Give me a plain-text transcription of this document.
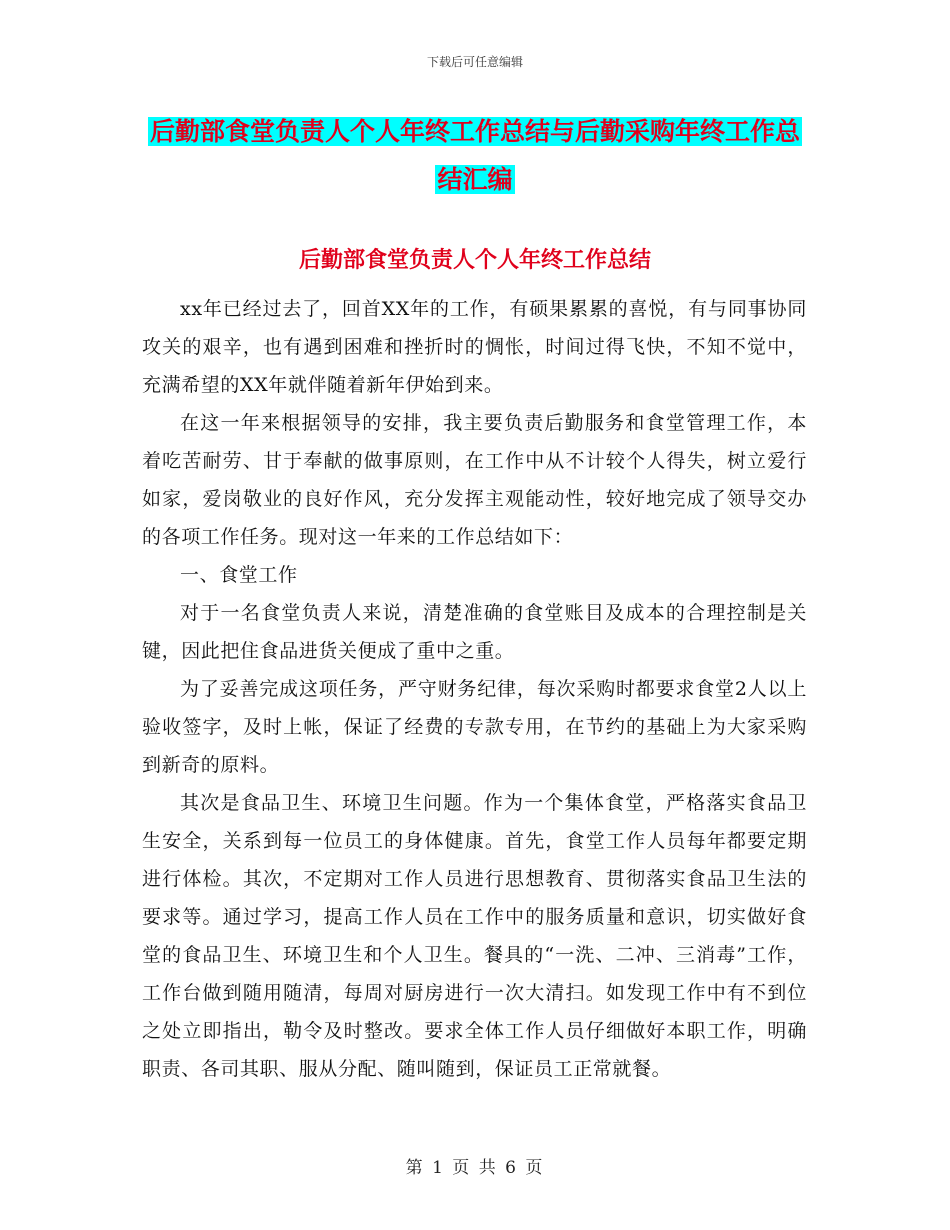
下载后可任意编辑
后勤部食堂负责人个人年终工作总结与后勤采购年终工作总结汇编
后勤部食堂负责人个人年终工作总结

xx年已经过去了，回首XX年的工作，有硕果累累的喜悦，有与同事协同攻关的艰辛，也有遇到困难和挫折时的惆怅，时间过得飞快，不知不觉中，充满希望的XX年就伴随着新年伊始到来。

在这一年来根据领导的安排，我主要负责后勤服务和食堂管理工作，本着吃苦耐劳、甘于奉献的做事原则，在工作中从不计较个人得失，树立爱行如家，爱岗敬业的良好作风，充分发挥主观能动性，较好地完成了领导交办的各项工作任务。现对这一年来的工作总结如下：

一、食堂工作

对于一名食堂负责人来说，清楚准确的食堂账目及成本的合理控制是关键，因此把住食品进货关便成了重中之重。

为了妥善完成这项任务，严守财务纪律，每次采购时都要求食堂2人以上验收签字，及时上帐，保证了经费的专款专用，在节约的基础上为大家采购到新奇的原料。

其次是食品卫生、环境卫生问题。作为一个集体食堂，严格落实食品卫生安全，关系到每一位员工的身体健康。首先，食堂工作人员每年都要定期进行体检。其次，不定期对工作人员进行思想教育、贯彻落实食品卫生法的要求等。通过学习，提高工作人员在工作中的服务质量和意识，切实做好食堂的食品卫生、环境卫生和个人卫生。餐具的“一洗、二冲、三消毒”工作，工作台做到随用随清，每周对厨房进行一次大清扫。如发现工作中有不到位之处立即指出，勒令及时整改。要求全体工作人员仔细做好本职工作，明确职责、各司其职、服从分配、随叫随到，保证员工正常就餐。

第 1 页 共 6 页
